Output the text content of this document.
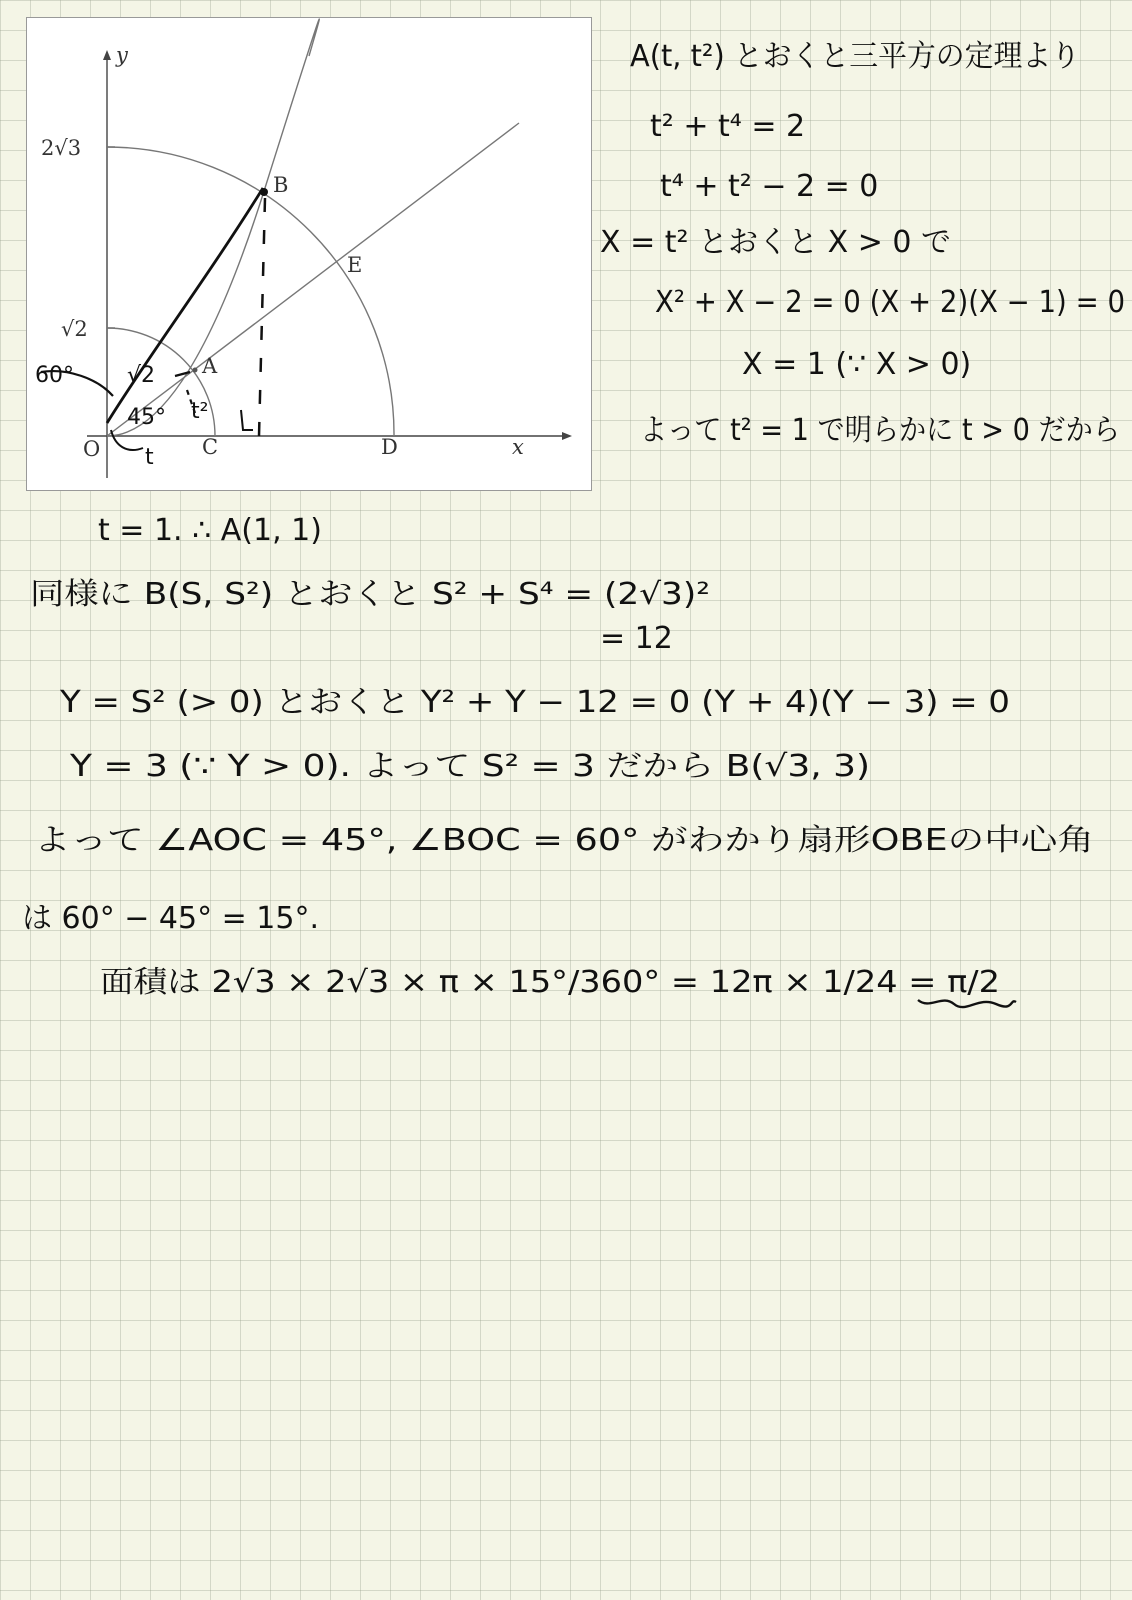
y
x
2√3
√2
O
A
B
C	D
E
60° √2
45° t²
t
A(t, t²) とおくと三平方の定理より
t² + t⁴ = 2
t⁴ + t² − 2 = 0
X = t² とおくと X > 0 で
X² + X − 2 = 0 (X + 2)(X − 1) = 0
X = 1 (∵ X > 0)
よって t² = 1 で明らかに t > 0 だから
t = 1. ∴ A(1, 1)
同様に B(S, S²) とおくと S² + S⁴ = (2√3)²
= 12
Y = S² (> 0) とおくと Y² + Y − 12 = 0 (Y + 4)(Y − 3) = 0
Y = 3 (∵ Y > 0). よって S² = 3 だから B(√3, 3)
よって ∠AOC = 45°, ∠BOC = 60° がわかり扇形OBEの中心角
は 60° − 45° = 15°.
面積は 2√3 × 2√3 × π × 15°/360° = 12π × 1/24 = π/2
